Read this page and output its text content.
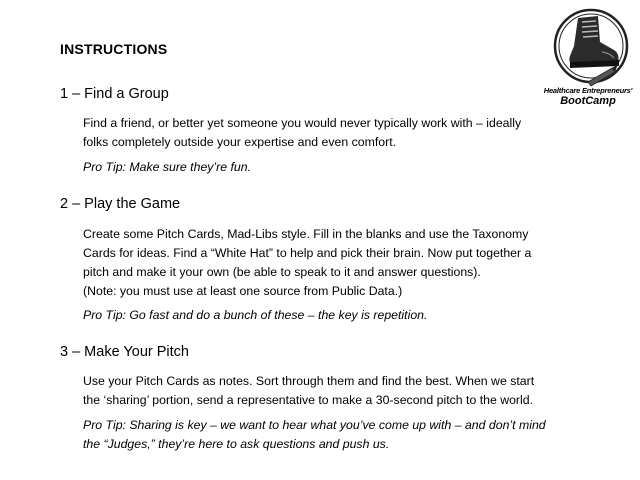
INSTRUCTIONS
Healthcare Entrepreneurs'
BootCamp
1 – Find a Group
Find a friend, or better yet someone you would never typically work with – ideally
folks completely outside your expertise and even comfort.
Pro Tip: Make sure they’re fun.
2 – Play the Game
Create some Pitch Cards, Mad-Libs style. Fill in the blanks and use the Taxonomy
Cards for ideas. Find a “White Hat” to help and pick their brain. Now put together a
pitch and make it your own (be able to speak to it and answer questions).
(Note: you must use at least one source from Public Data.)
Pro Tip: Go fast and do a bunch of these – the key is repetition.
3 – Make Your Pitch
Use your Pitch Cards as notes. Sort through them and find the best. When we start
the ‘sharing’ portion, send a representative to make a 30-second pitch to the world.
Pro Tip: Sharing is key – we want to hear what you’ve come up with – and don’t mind
the “Judges,” they’re here to ask questions and push us.
